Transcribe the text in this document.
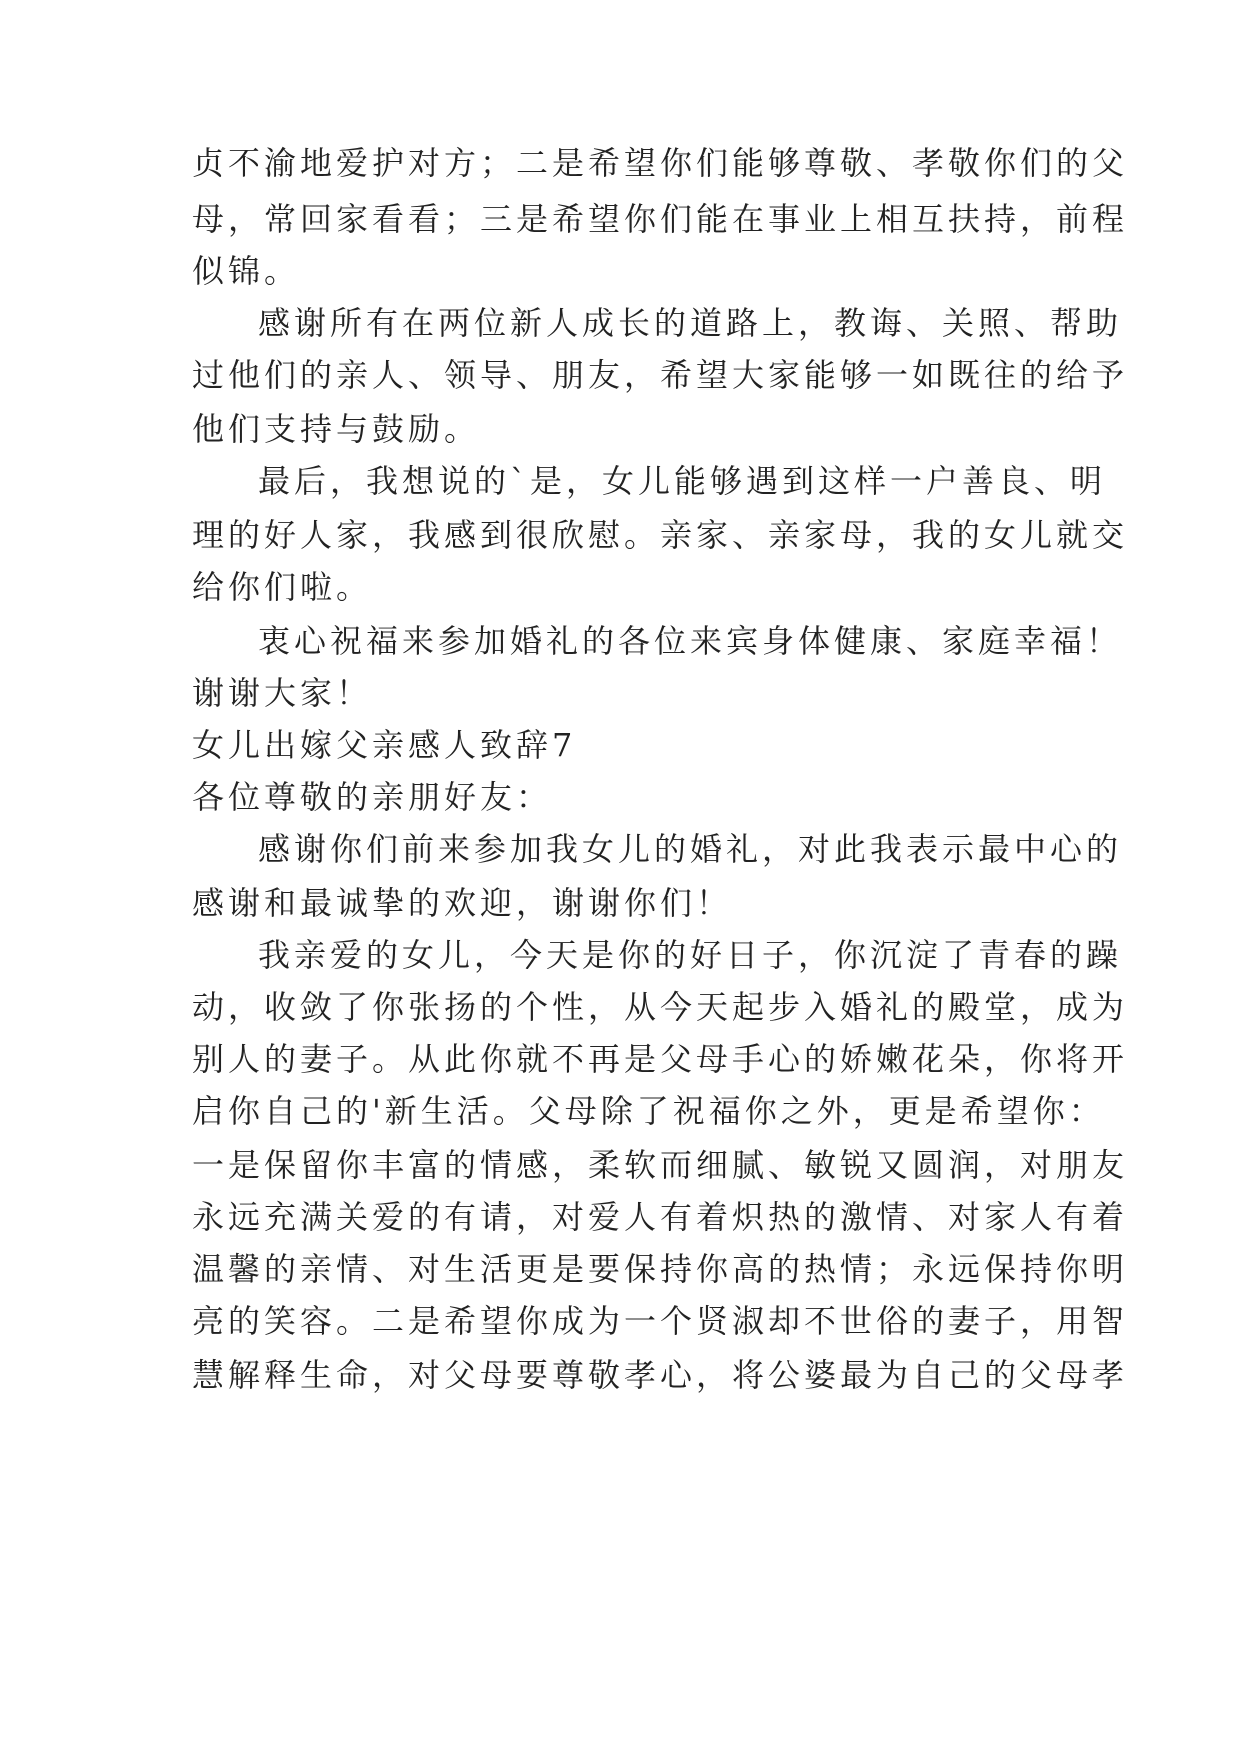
贞不渝地爱护对方；二是希望你们能够尊敬、孝敬你们的父
母，常回家看看；三是希望你们能在事业上相互扶持，前程
似锦。
感谢所有在两位新人成长的道路上，教诲、关照、帮助
过他们的亲人、领导、朋友，希望大家能够一如既往的给予
他们支持与鼓励。
最后，我想说的`是，女儿能够遇到这样一户善良、明
理的好人家，我感到很欣慰。亲家、亲家母，我的女儿就交
给你们啦。
衷心祝福来参加婚礼的各位来宾身体健康、家庭幸福！
谢谢大家！
女儿出嫁父亲感人致辞7
各位尊敬的亲朋好友：
感谢你们前来参加我女儿的婚礼，对此我表示最中心的
感谢和最诚挚的欢迎，谢谢你们！
我亲爱的女儿，今天是你的好日子，你沉淀了青春的躁
动，收敛了你张扬的个性，从今天起步入婚礼的殿堂，成为
别人的妻子。从此你就不再是父母手心的娇嫩花朵，你将开
启你自己的'新生活。父母除了祝福你之外，更是希望你：
一是保留你丰富的情感，柔软而细腻、敏锐又圆润，对朋友
永远充满关爱的有请，对爱人有着炽热的激情、对家人有着
温馨的亲情、对生活更是要保持你高的热情；永远保持你明
亮的笑容。二是希望你成为一个贤淑却不世俗的妻子，用智
慧解释生命，对父母要尊敬孝心，将公婆最为自己的父母孝
